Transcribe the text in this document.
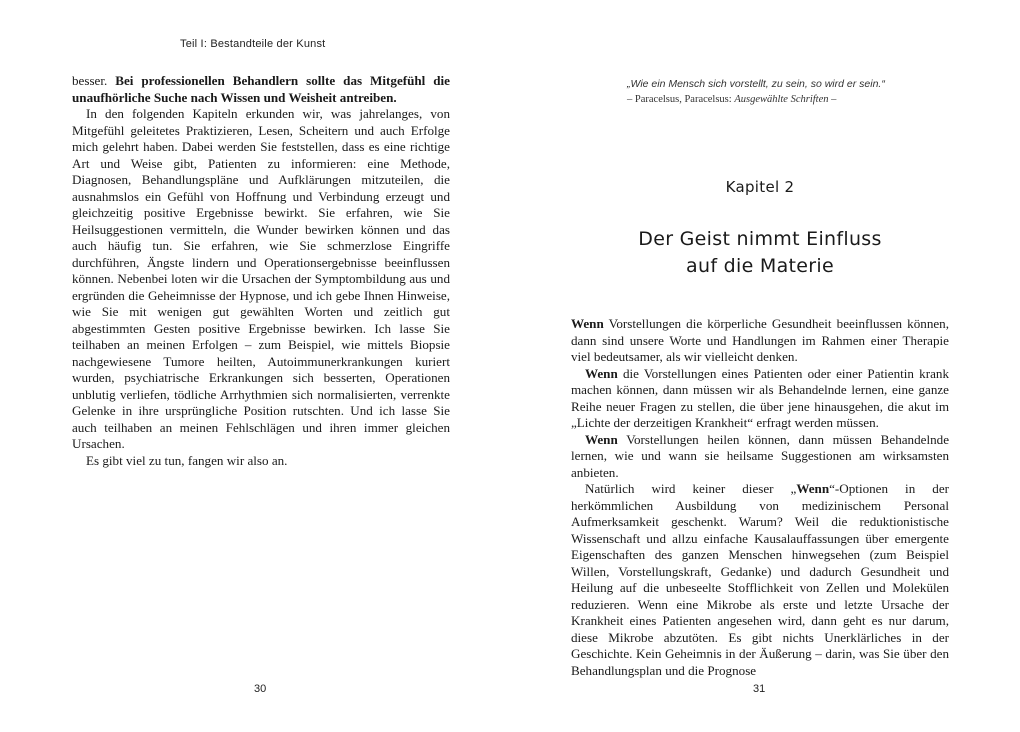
Teil I: Bestandteile der Kunst

besser. Bei professionellen Behandlern sollte das Mitgefühl die unaufhörliche Suche nach Wissen und Weisheit antreiben.

In den folgenden Kapiteln erkunden wir, was jahrelanges, von Mitgefühl geleitetes Praktizieren, Lesen, Scheitern und auch Erfolge mich gelehrt haben. Dabei werden Sie feststellen, dass es eine richtige Art und Weise gibt, Patienten zu informieren: eine Methode, Diagnosen, Behandlungspläne und Aufklärungen mitzuteilen, die ausnahmslos ein Gefühl von Hoffnung und Verbindung erzeugt und gleichzeitig positive Ergebnisse bewirkt. Sie erfahren, wie Sie Heilsuggestionen vermitteln, die Wunder bewirken können und das auch häufig tun. Sie erfahren, wie Sie schmerzlose Eingriffe durchführen, Ängste lindern und Operationsergebnisse beeinflussen können. Nebenbei loten wir die Ursachen der Symptombildung aus und ergründen die Geheimnisse der Hypnose, und ich gebe Ihnen Hinweise, wie Sie mit wenigen gut gewählten Worten und zeitlich gut abgestimmten Gesten positive Ergebnisse bewirken. Ich lasse Sie teilhaben an meinen Erfolgen – zum Beispiel, wie mittels Biopsie nachgewiesene Tumore heilten, Autoimmunerkrankungen kuriert wurden, psychiatrische Erkrankungen sich besserten, Operationen unblutig verliefen, tödliche Arrhythmien sich normalisierten, verrenkte Gelenke in ihre ursprüngliche Position rutschten. Und ich lasse Sie auch teilhaben an meinen Fehlschlägen und ihren immer gleichen Ursachen.

Es gibt viel zu tun, fangen wir also an.

30
„Wie ein Mensch sich vorstellt, zu sein, so wird er sein.“
– Paracelsus, Paracelsus: Ausgewählte Schriften –
Kapitel 2
Der Geist nimmt Einfluss
auf die Materie

Wenn Vorstellungen die körperliche Gesundheit beeinflussen können, dann sind unsere Worte und Handlungen im Rahmen einer Therapie viel bedeutsamer, als wir vielleicht denken.

Wenn die Vorstellungen eines Patienten oder einer Patientin krank machen können, dann müssen wir als Behandelnde lernen, eine ganze Reihe neuer Fragen zu stellen, die über jene hinausgehen, die akut im „Lichte der derzeitigen Krankheit“ erfragt werden müssen.

Wenn Vorstellungen heilen können, dann müssen Behandelnde lernen, wie und wann sie heilsame Suggestionen am wirksamsten anbieten.

Natürlich wird keiner dieser „Wenn“-Optionen in der herkömmlichen Ausbildung von medizinischem Personal Aufmerksamkeit geschenkt. Warum? Weil die reduktionistische Wissenschaft und allzu einfache Kausalauffassungen über emergente Eigenschaften des ganzen Menschen hinwegsehen (zum Beispiel Willen, Vorstellungskraft, Gedanke) und dadurch Gesundheit und Heilung auf die unbeseelte Stofflichkeit von Zellen und Molekülen reduzieren. Wenn eine Mikrobe als erste und letzte Ursache der Krankheit eines Patienten angesehen wird, dann geht es nur darum, diese Mikrobe abzutöten. Es gibt nichts Unerklärliches in der Geschichte. Kein Geheimnis in der Äußerung – darin, was Sie über den Behandlungsplan und die Prognose

31
